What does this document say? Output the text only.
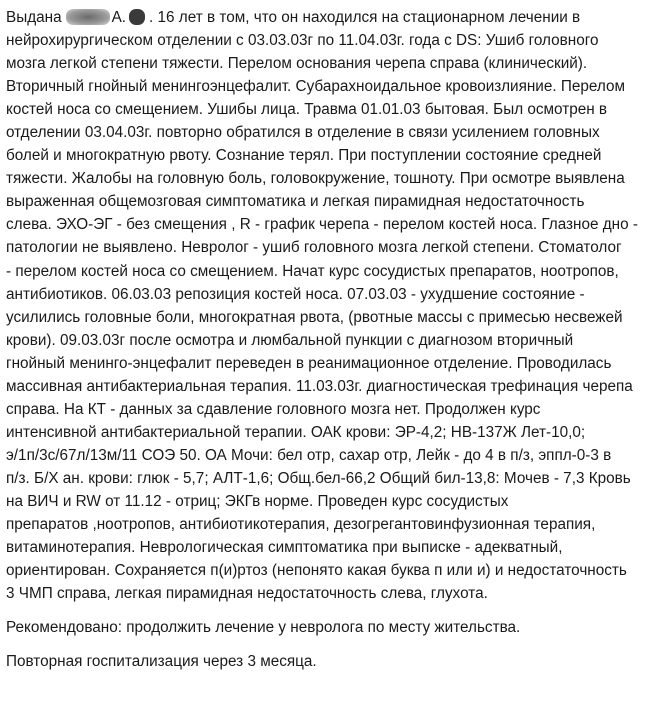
Выдана	А. . 16 лет в том, что он находился на стационарном лечении в
нейрохирургическом отделении с 03.03.03г по 11.04.03г. года с DS: Ушиб головного
мозга легкой степени тяжести. Перелом основания черепа справа (клинический).
Вторичный гнойный менингоэнцефалит. Субарахноидальное кровоизлияние. Перелом
костей носа со смещением. Ушибы лица. Травма 01.01.03 бытовая. Был осмотрен в
отделении 03.04.03г. повторно обратился в отделение в связи усилением головных
болей и многократную рвоту. Сознание терял. При поступлении состояние средней
тяжести. Жалобы на головную боль, головокружение, тошноту. При осмотре выявлена
выраженная общемозговая симптоматика и легкая пирамидная недостаточность
слева. ЭХО-ЭГ - без смещения , R - график черепа - перелом костей носа. Глазное дно -
патологии не выявлено. Невролог - ушиб головного мозга легкой степени. Стоматолог
- перелом костей носа со смещением. Начат курс сосудистых препаратов, ноотропов,
антибиотиков. 06.03.03 репозиция костей носа. 07.03.03 - ухудшение состояние -
усилились головные боли, многократная рвота, (рвотные массы с примесью несвежей
крови). 09.03.03г после осмотра и люмбальной пункции с диагнозом вторичный
гнойный менинго-энцефалит переведен в реанимационное отделение. Проводилась
массивная антибактериальная терапия. 11.03.03г. диагностическая трефинация черепа
справа. На КТ - данных за сдавление головного мозга нет. Продолжен курс
интенсивной антибактериальной терапии. ОАК крови: ЭР-4,2; НВ-137Ж Лет-10,0;
э/1п/3с/67л/13м/11 СОЭ 50. ОА Мочи: бел отр, сахар отр, Лейк - до 4 в п/з, эппл-0-3 в
п/з. Б/Х ан. крови: глюк - 5,7; АЛТ-1,6; Общ.бел-66,2 Общий бил-13,8: Мочев - 7,3 Кровь
на ВИЧ и RW от 11.12 - отриц; ЭКГв норме. Проведен курс сосудистых
препаратов ,ноотропов, антибиотикотерапия, дезогрегантовинфузионная терапия,
витаминотерапия. Неврологическая симптоматика при выписке - адекватный,
ориентирован. Сохраняется п(и)ртоз (непонято какая буква п или и) и недостаточность
3 ЧМП справа, легкая пирамидная недостаточность слева, глухота.
Рекомендовано: продолжить лечение у невролога по месту жительства.
Повторная госпитализация через 3 месяца.
